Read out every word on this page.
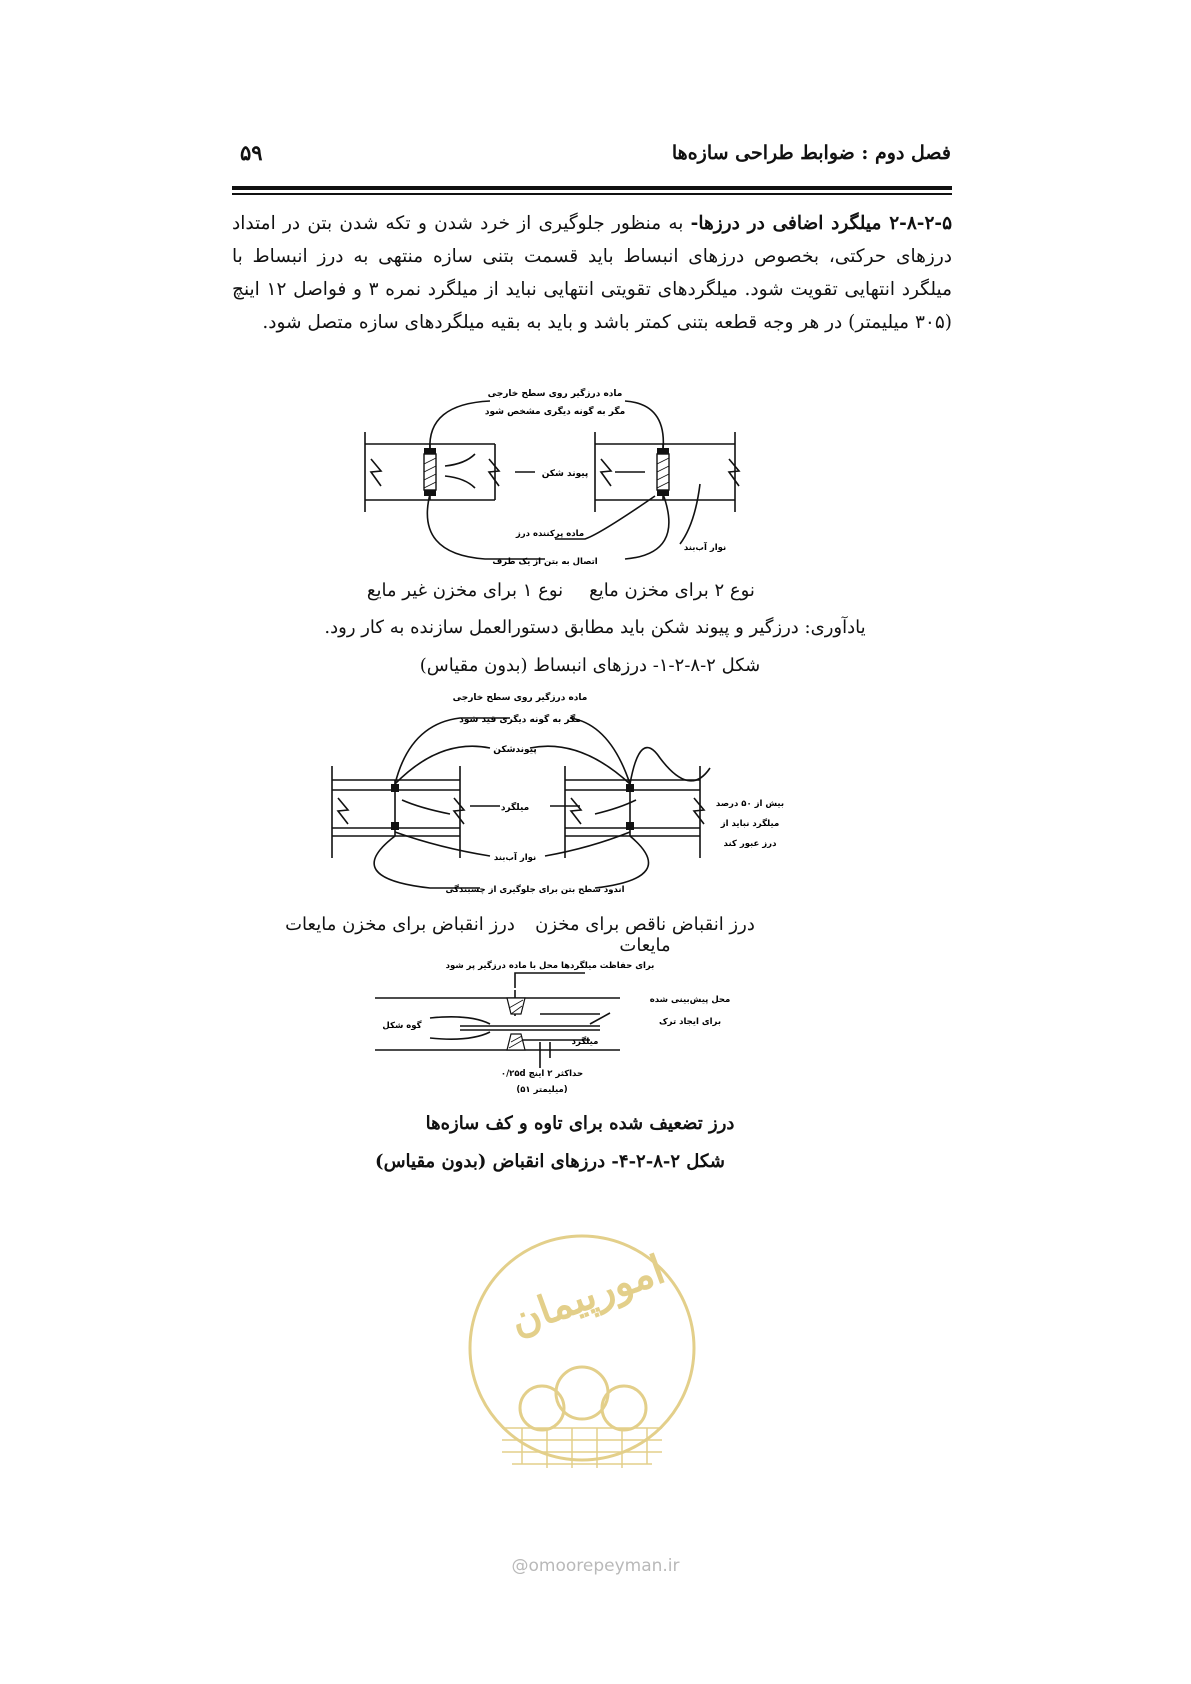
فصل دوم : ضوابط طراحی سازه‌ها
۵۹
۲-۸-۲-۵ میلگرد اضافی در درزها- به منظور جلوگیری از خرد شدن و تکه شدن بتن در امتداد درزهای حرکتی، بخصوص درزهای انبساط باید قسمت بتنی سازه منتهی به درز انبساط با میلگرد انتهایی تقویت شود. میلگردهای تقویتی انتهایی نباید از میلگرد نمره ۳ و فواصل ۱۲ اینچ (۳۰۵ میلیمتر) در هر وجه قطعه بتنی کمتر باشد و باید به بقیه میلگردهای سازه متصل شود.
ماده درزگیر روی سطح خارجی
مگر به گونه دیگری مشخص شود
پیوند شکن
ماده پرکننده درز
نوار آب‌بند
اتصال به بتن از یک طرف
نوع ۲ برای مخزن مایع
نوع ۱ برای مخزن غیر مایع
یادآوری: درزگیر و پیوند شکن باید مطابق دستورالعمل سازنده به کار رود.
شکل ۲-۸-۲-۱- درزهای انبساط (بدون مقیاس)
ماده درزگیر روی سطح خارجی
مگر به گونه دیگری قید شود
پیوندشکن
میلگرد	بیش از ۵۰ درصد
میلگرد نباید از
درز عبور کند
نوار آب‌بند
اندود سطح بتن برای جلوگیری از چسبندگی
درز انقباض ناقص برای مخزن مایعات
درز انقباض برای مخزن مایعات
برای حفاظت میلگردها محل با ماده درزگیر پر شود
محل پیش‌بینی شده
برای ایجاد ترک
گوه شکل
میلگرد
۰/۲۵d حداکثر ۲ اینچ
(۵۱ میلیمتر)
درز تضعیف شده برای تاوه و کف سازه‌ها
شکل ۲-۸-۲-۴- درزهای انقباض (بدون مقیاس)
امورپیمان
@omoorepeyman.ir
